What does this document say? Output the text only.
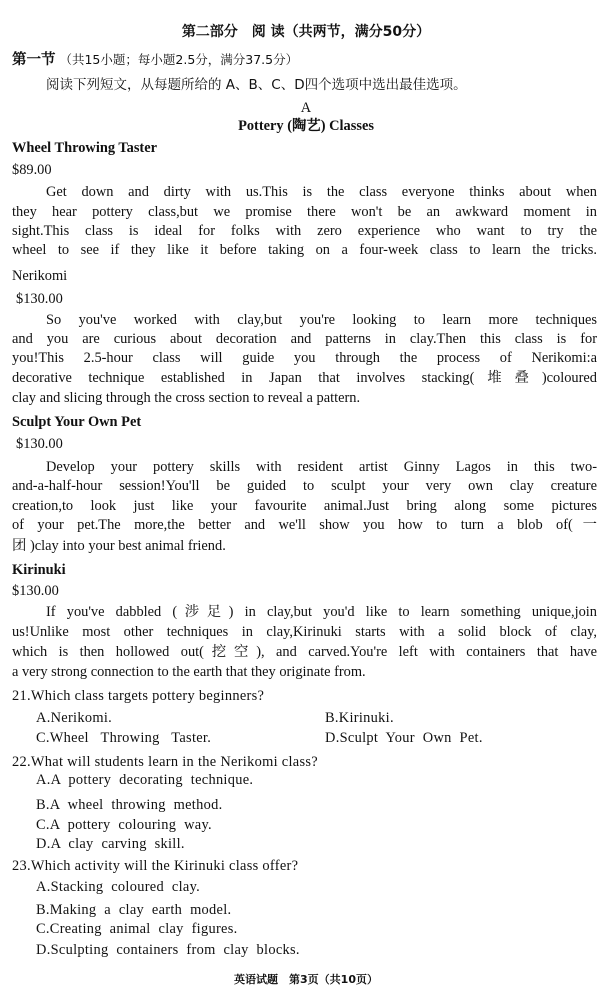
第二部分　阅 读（共两节，满分50分）
第一节 （共15小题；每小题2.5分，满分37.5分）
阅读下列短文，从每题所给的 A、B、C、D四个选项中选出最佳选项。
A
Pottery (陶艺) Classes
Wheel Throwing Taster
$89.00
Get down and dirty with us.This is the class everyone thinks about when
they hear pottery class,but we promise there won't be an awkward moment in
sight.This class is ideal for folks with zero experience who want to try the
wheel to see if they like it before taking on a four-week class to learn the tricks.
Nerikomi
$130.00
So you've worked with clay,but you're looking to learn more techniques
and you are curious about decoration and patterns in clay.Then this class is for
you!This 2.5-hour class will guide you through the process of Nerikomi:a
decorative technique established in Japan that involves stacking(堆叠)coloured
clay and slicing through the cross section to reveal a pattern.
Sculpt Your Own Pet
$130.00
Develop your pottery skills with resident artist Ginny Lagos in this two-
and-a-half-hour session!You'll be guided to sculpt your very own clay creature
creation,to look just like your favourite animal.Just bring along some pictures
of your pet.The more,the better and we'll show you how to turn a blob of(一
团 )clay into your best animal friend.
Kirinuki
$130.00
If you've dabbled (涉足) in clay,but you'd like to learn something unique,join
us!Unlike most other techniques in clay,Kirinuki starts with a solid block of clay,
which is then hollowed out(挖空), and carved.You're left with containers that have
a very strong connection to the earth that they originate from.
21.Which class targets pottery beginners?
A.Nerikomi.	B.Kirinuki.
C.Wheel Throwing Taster.	D.Sculpt Your Own Pet.
22.What will students learn in the Nerikomi class?
A.A pottery decorating technique.
B.A wheel throwing method.
C.A pottery colouring way.
D.A clay carving skill.
23.Which activity will the Kirinuki class offer?
A.Stacking coloured clay.
B.Making a clay earth model.
C.Creating animal clay figures.
D.Sculpting containers from clay blocks.
英语试题　第3页（共10页）
